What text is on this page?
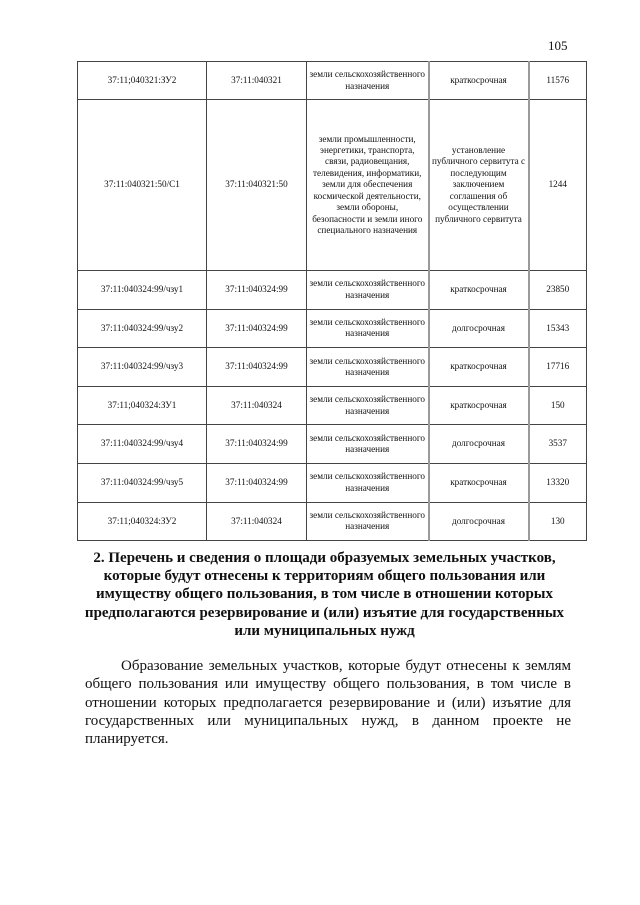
105
37:11;040321:ЗУ2	37:11:040321	земли сельскохозяйственного назначения	краткосрочная	11576
37:11:040321:50/С1	37:11:040321:50	земли промышленности, энергетики, транспорта, связи, радиовещания, телевидения, информатики, земли для обеспечения космической деятельности, земли обороны, безопасности и земли иного специального назначения	установление публичного сервитута с последующим заключением соглашения об осуществлении публичного сервитута	1244
37:11:040324:99/чзу1	37:11:040324:99	земли сельскохозяйственного назначения	краткосрочная	23850
37:11:040324:99/чзу2	37:11:040324:99	земли сельскохозяйственного назначения	долгосрочная	15343
37:11:040324:99/чзу3	37:11:040324:99	земли сельскохозяйственного назначения	краткосрочная	17716
37:11;040324:ЗУ1	37:11:040324	земли сельскохозяйственного назначения	краткосрочная	150
37:11:040324:99/чзу4	37:11:040324:99	земли сельскохозяйственного назначения	долгосрочная	3537
37:11:040324:99/чзу5	37:11:040324:99	земли сельскохозяйственного назначения	краткосрочная	13320
37:11;040324:ЗУ2	37:11:040324	земли сельскохозяйственного назначения	долгосрочная	130
2. Перечень и сведения о площади образуемых земельных участков, которые будут отнесены к территориям общего пользования или имуществу общего пользования, в том числе в отношении которых предполагаются резервирование и (или) изъятие для государственных или муниципальных нужд
Образование земельных участков, которые будут отнесены к землям общего пользования или имуществу общего пользования, в том числе в отношении которых предполагается резервирование и (или) изъятие для государственных или муниципальных нужд, в данном проекте не планируется.
